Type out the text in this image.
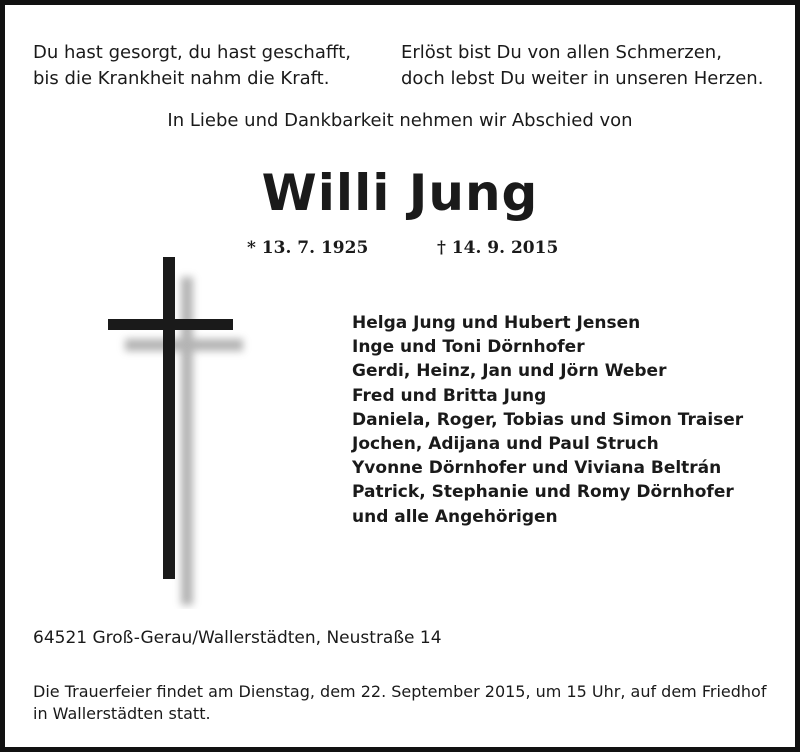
Du hast gesorgt, du hast geschafft,
bis die Krankheit nahm die Kraft.
Erlöst bist Du von allen Schmerzen,
doch lebst Du weiter in unseren Herzen.
In Liebe und Dankbarkeit nehmen wir Abschied von
Willi Jung
* 13. 7. 1925	† 14. 9. 2015
Helga Jung und Hubert Jensen
Inge und Toni Dörnhofer
Gerdi, Heinz, Jan und Jörn Weber
Fred und Britta Jung
Daniela, Roger, Tobias und Simon Traiser
Jochen, Adijana und Paul Struch
Yvonne Dörnhofer und Viviana Beltrán
Patrick, Stephanie und Romy Dörnhofer
und alle Angehörigen
64521 Groß-Gerau/Wallerstädten, Neustraße 14
Die Trauerfeier findet am Dienstag, dem 22. September 2015, um 15 Uhr, auf dem Friedhof in Wallerstädten statt.
